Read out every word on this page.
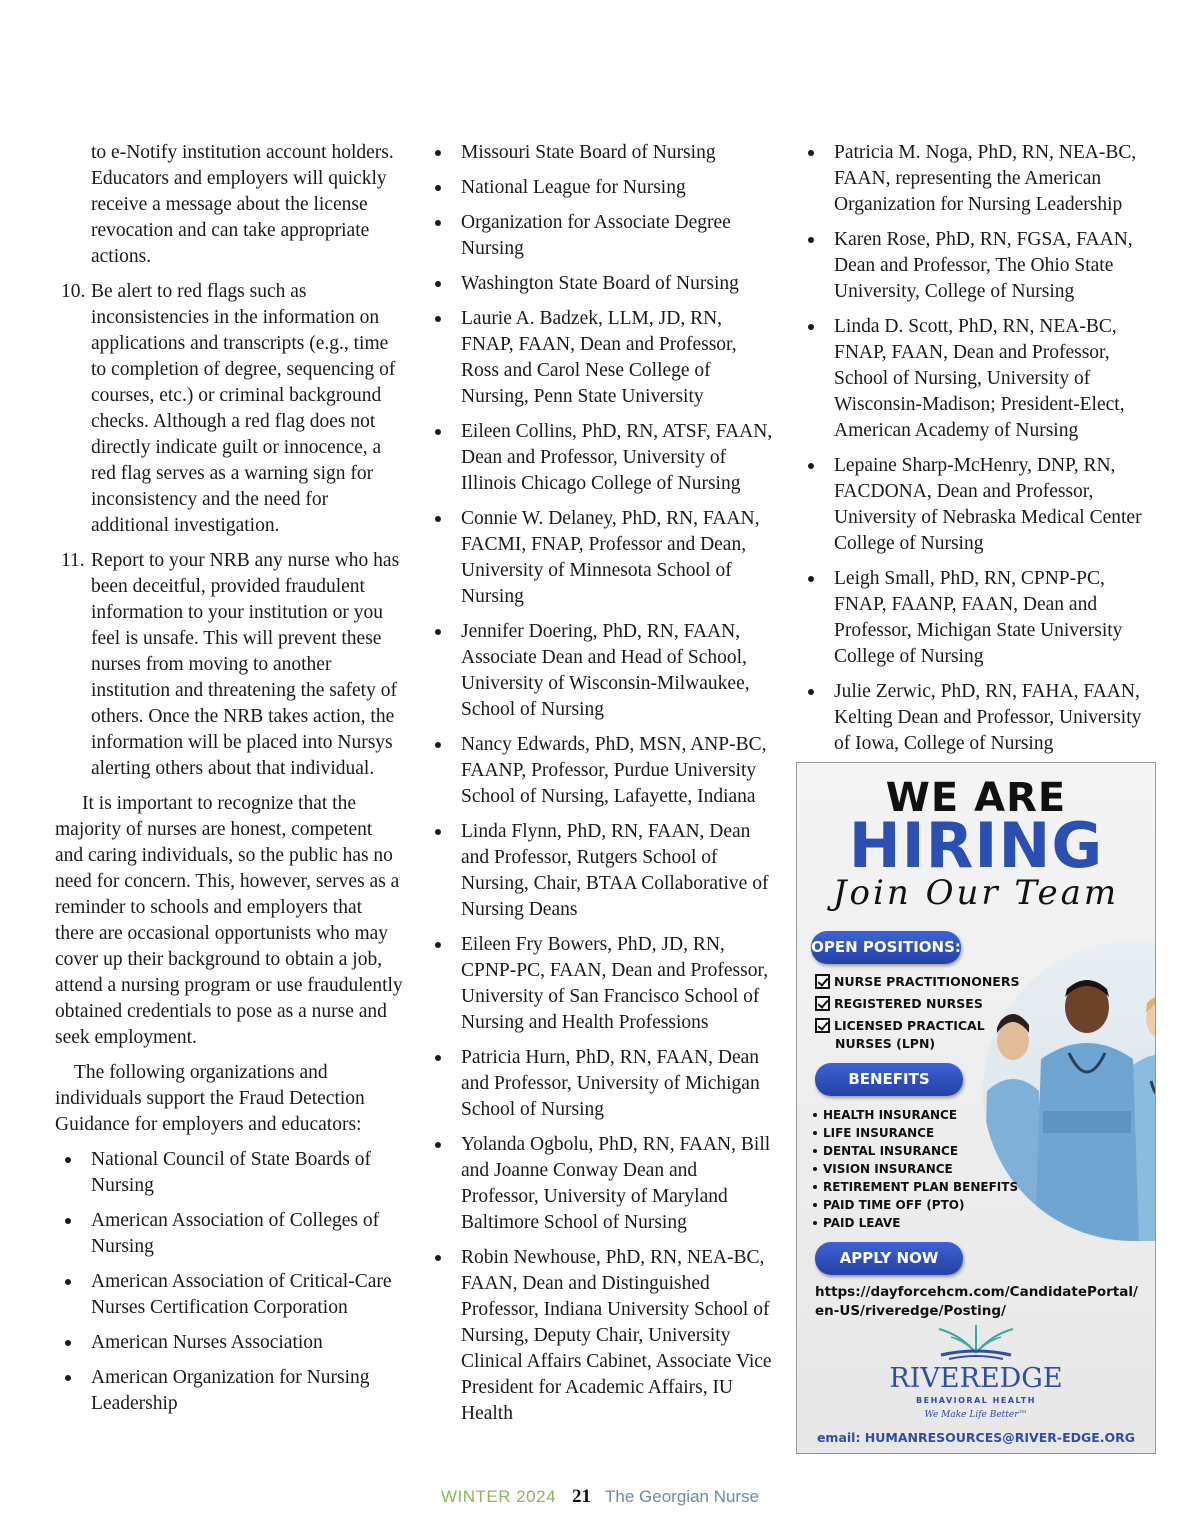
to e-Notify institution account holders. Educators and employers will quickly receive a message about the license revocation and can take appropriate actions.

10. Be alert to red flags such as inconsistencies in the information on applications and transcripts (e.g., time to completion of degree, sequencing of courses, etc.) or criminal background checks. Although a red flag does not directly indicate guilt or innocence, a red flag serves as a warning sign for inconsistency and the need for additional investigation.
11. Report to your NRB any nurse who has been deceitful, provided fraudulent information to your institution or you feel is unsafe. This will prevent these nurses from moving to another institution and threatening the safety of others. Once the NRB takes action, the information will be placed into Nursys alerting others about that individual.

It is important to recognize that the majority of nurses are honest, competent and caring individuals, so the public has no need for concern. This, however, serves as a reminder to schools and employers that there are occasional opportunists who may cover up their background to obtain a job, attend a nursing program or use fraudulently obtained credentials to pose as a nurse and seek employment.

The following organizations and individuals support the Fraud Detection Guidance for employers and educators:

National Council of State Boards of Nursing
American Association of Colleges of Nursing
American Association of Critical-Care Nurses Certification Corporation
American Nurses Association
American Organization for Nursing Leadership
Missouri State Board of Nursing
National League for Nursing
Organization for Associate Degree Nursing
Washington State Board of Nursing
Laurie A. Badzek, LLM, JD, RN, FNAP, FAAN, Dean and Professor, Ross and Carol Nese College of Nursing, Penn State University
Eileen Collins, PhD, RN, ATSF, FAAN, Dean and Professor, University of Illinois Chicago College of Nursing
Connie W. Delaney, PhD, RN, FAAN, FACMI, FNAP, Professor and Dean, University of Minnesota School of Nursing
Jennifer Doering, PhD, RN, FAAN, Associate Dean and Head of School, University of Wisconsin-Milwaukee, School of Nursing
Nancy Edwards, PhD, MSN, ANP-BC, FAANP, Professor, Purdue University School of Nursing, Lafayette, Indiana
Linda Flynn, PhD, RN, FAAN, Dean and Professor, Rutgers School of Nursing, Chair, BTAA Collaborative of Nursing Deans
Eileen Fry Bowers, PhD, JD, RN, CPNP-PC, FAAN, Dean and Professor, University of San Francisco School of Nursing and Health Professions
Patricia Hurn, PhD, RN, FAAN, Dean and Professor, University of Michigan School of Nursing
Yolanda Ogbolu, PhD, RN, FAAN, Bill and Joanne Conway Dean and Professor, University of Maryland Baltimore School of Nursing
Robin Newhouse, PhD, RN, NEA-BC, FAAN, Dean and Distinguished Professor, Indiana University School of Nursing, Deputy Chair, University Clinical Affairs Cabinet, Associate Vice President for Academic Affairs, IU Health
Patricia M. Noga, PhD, RN, NEA-BC, FAAN, representing the American Organization for Nursing Leadership
Karen Rose, PhD, RN, FGSA, FAAN, Dean and Professor, The Ohio State University, College of Nursing
Linda D. Scott, PhD, RN, NEA-BC, FNAP, FAAN, Dean and Professor, School of Nursing, University of Wisconsin-Madison; President-Elect, American Academy of Nursing
Lepaine Sharp-McHenry, DNP, RN, FACDONA, Dean and Professor, University of Nebraska Medical Center College of Nursing
Leigh Small, PhD, RN, CPNP-PC, FNAP, FAANP, FAAN, Dean and Professor, Michigan State University College of Nursing
Julie Zerwic, PhD, RN, FAHA, FAAN, Kelting Dean and Professor, University of Iowa, College of Nursing
WE ARE
HIRING
Join Our Team
OPEN POSITIONS:
NURSE PRACTITIONONERS
REGISTERED NURSES
LICENSED PRACTICAL
NURSES (LPN)
BENEFITS
HEALTH INSURANCE
LIFE INSURANCE
DENTAL INSURANCE
VISION INSURANCE
RETIREMENT PLAN BENEFITS
PAID TIME OFF (PTO)
PAID LEAVE
APPLY NOW
https://dayforcehcm.com/CandidatePortal/
en-US/riveredge/Posting/
RIVEREDGE
BEHAVIORAL HEALTH
We Make Life Better™
email: HUMANRESOURCES@RIVER-EDGE.ORG
WINTER 2024 21 The Georgian Nurse
